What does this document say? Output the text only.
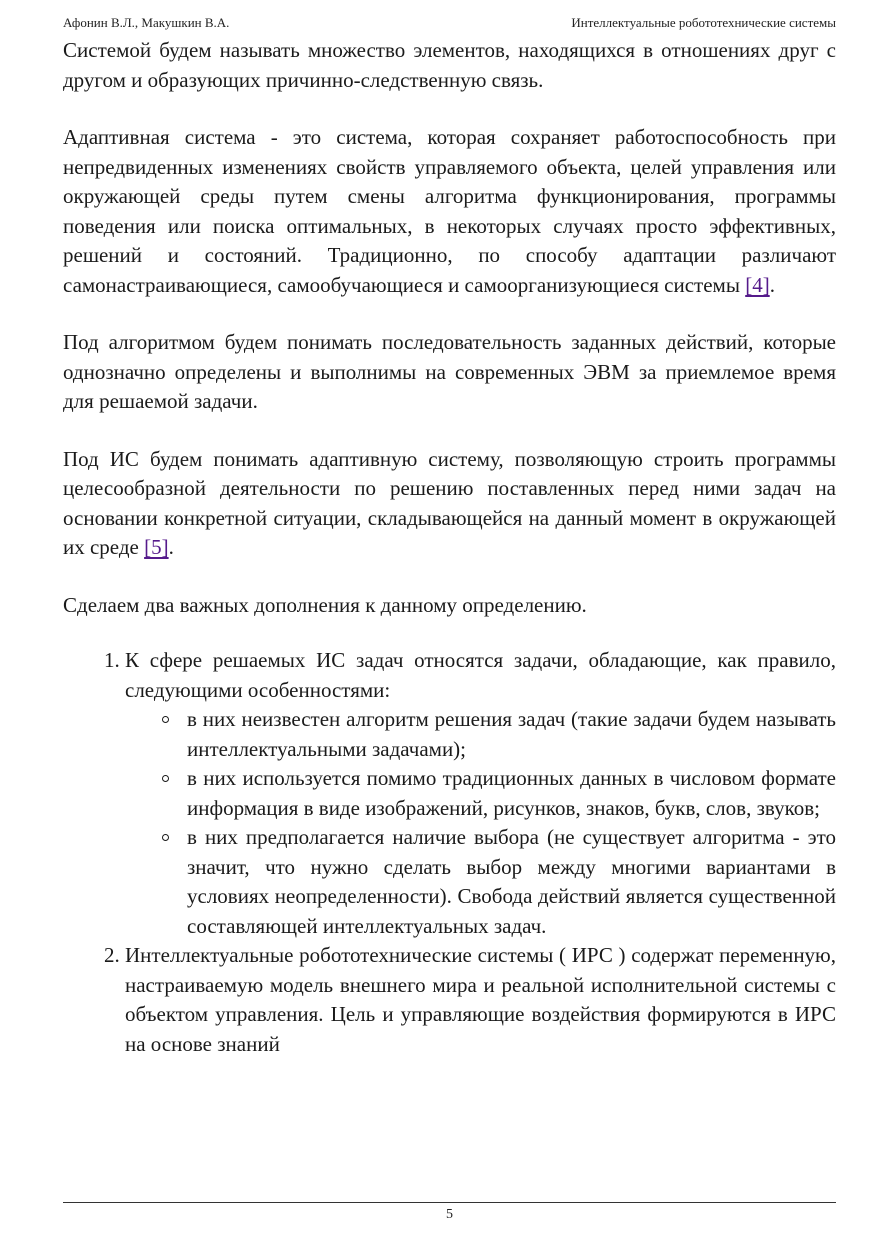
Афонин В.Л., Макушкин В.А.	Интеллектуальные робототехнические системы

Системой будем называть множество элементов, находящихся в отношениях друг с другом и образующих причинно-следственную связь.

Адаптивная система - это система, которая сохраняет работоспособность при непредвиденных изменениях свойств управляемого объекта, целей управления или окружающей среды путем смены алгоритма функционирования, программы поведения или поиска оптимальных, в некоторых случаях просто эффективных, решений и состояний. Традиционно, по способу адаптации различают самонастраивающиеся, самообучающиеся и самоорганизующиеся системы [4].

Под алгоритмом будем понимать последовательность заданных действий, которые однозначно определены и выполнимы на современных ЭВМ за приемлемое время для решаемой задачи.

Под ИС будем понимать адаптивную систему, позволяющую строить программы целесообразной деятельности по решению поставленных перед ними задач на основании конкретной ситуации, складывающейся на данный момент в окружающей их среде [5].

Сделаем два важных дополнения к данному определению.

1. К сфере решаемых ИС задач относятся задачи, обладающие, как правило, следующими особенностями:
в них неизвестен алгоритм решения задач (такие задачи будем называть интеллектуальными задачами);
в них используется помимо традиционных данных в числовом формате информация в виде изображений, рисунков, знаков, букв, слов, звуков;
в них предполагается наличие выбора (не существует алгоритма - это значит, что нужно сделать выбор между многими вариантами в условиях неопределенности). Свобода действий является существенной составляющей интеллектуальных задач.
2. Интеллектуальные робототехнические системы ( ИРС ) содержат переменную, настраиваемую модель внешнего мира и реальной исполнительной системы с объектом управления. Цель и управляющие воздействия формируются в ИРС на основе знаний
5
